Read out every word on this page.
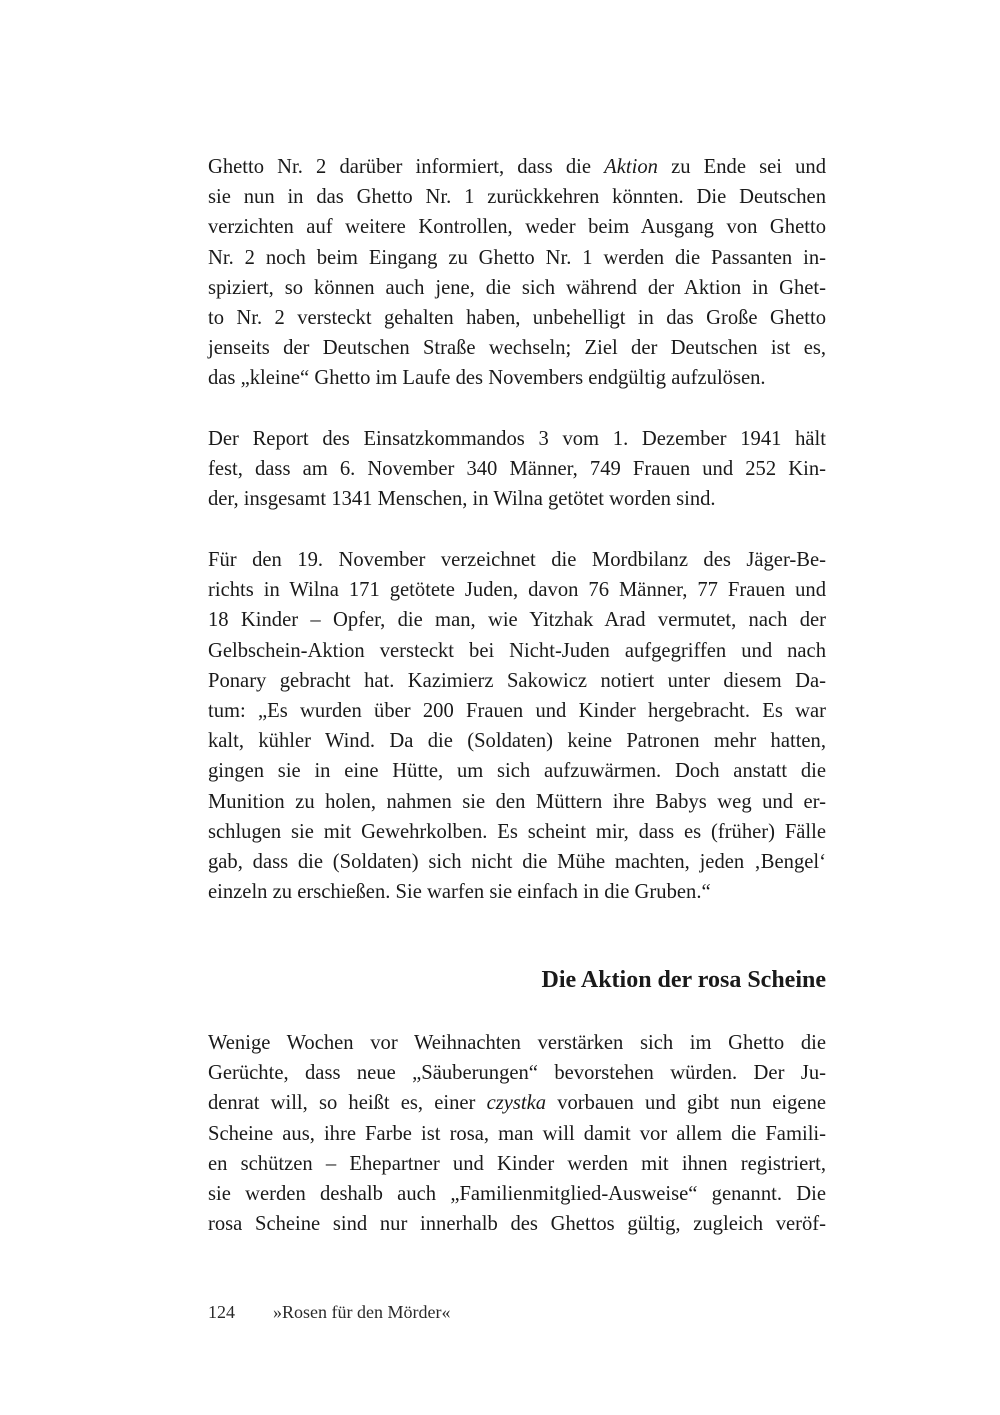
Ghetto Nr. 2 darüber informiert, dass die Aktion zu Ende sei und
sie nun in das Ghetto Nr. 1 zurückkehren könnten. Die Deutschen
verzichten auf weitere Kontrollen, weder beim Ausgang von Ghetto
Nr. 2 noch beim Eingang zu Ghetto Nr. 1 werden die Passanten in-
spiziert, so können auch jene, die sich während der Aktion in Ghet-
to Nr. 2 versteckt gehalten haben, unbehelligt in das Große Ghetto
jenseits der Deutschen Straße wechseln; Ziel der Deutschen ist es,
das „kleine“ Ghetto im Laufe des Novembers endgültig aufzulösen.

Der Report des Einsatzkommandos 3 vom 1. Dezember 1941 hält
fest, dass am 6. November 340 Männer, 749 Frauen und 252 Kin-
der, insgesamt 1341 Menschen, in Wilna getötet worden sind.

Für den 19. November verzeichnet die Mordbilanz des Jäger-Be-
richts in Wilna 171 getötete Juden, davon 76 Männer, 77 Frauen und
18 Kinder – Opfer, die man, wie Yitzhak Arad vermutet, nach der
Gelbschein-Aktion versteckt bei Nicht-Juden aufgegriffen und nach
Ponary gebracht hat. Kazimierz Sakowicz notiert unter diesem Da-
tum: „Es wurden über 200 Frauen und Kinder hergebracht. Es war
kalt, kühler Wind. Da die (Soldaten) keine Patronen mehr hatten,
gingen sie in eine Hütte, um sich aufzuwärmen. Doch anstatt die
Munition zu holen, nahmen sie den Müttern ihre Babys weg und er-
schlugen sie mit Gewehrkolben. Es scheint mir, dass es (früher) Fälle
gab, dass die (Soldaten) sich nicht die Mühe machten, jeden ‚Bengel‘
einzeln zu erschießen. Sie warfen sie einfach in die Gruben.“

Die Aktion der rosa Scheine

Wenige Wochen vor Weihnachten verstärken sich im Ghetto die
Gerüchte, dass neue „Säuberungen“ bevorstehen würden. Der Ju-
denrat will, so heißt es, einer czystka vorbauen und gibt nun eigene
Scheine aus, ihre Farbe ist rosa, man will damit vor allem die Famili-
en schützen – Ehepartner und Kinder werden mit ihnen registriert,
sie werden deshalb auch „Familienmitglied-Ausweise“ genannt. Die
rosa Scheine sind nur innerhalb des Ghettos gültig, zugleich veröf-

124 »Rosen für den Mörder«
